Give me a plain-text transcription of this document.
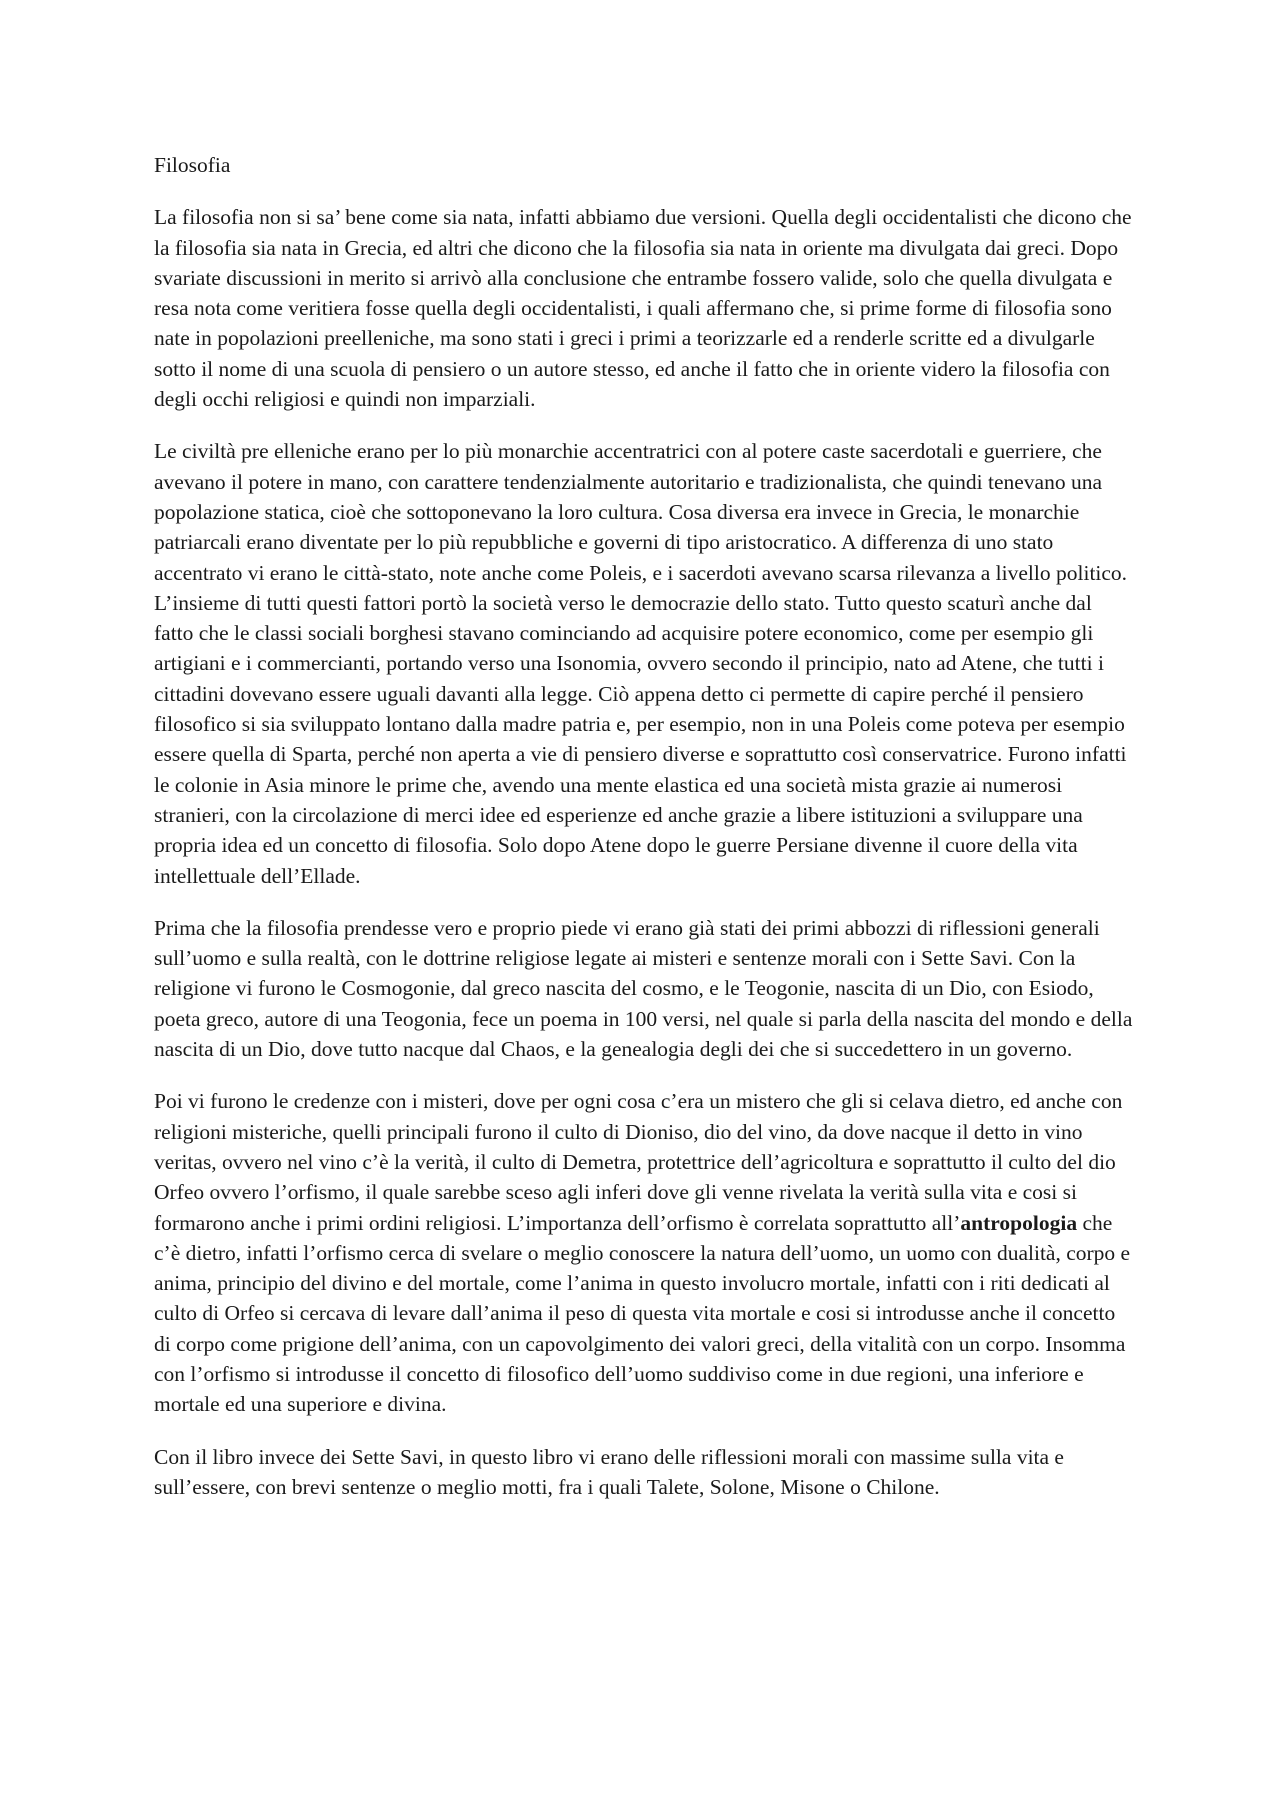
Filosofia

La filosofia non si sa’ bene come sia nata, infatti abbiamo due versioni. Quella degli occidentalisti che dicono che la filosofia sia nata in Grecia, ed altri che dicono che la filosofia sia nata in oriente ma divulgata dai greci. Dopo svariate discussioni in merito si arrivò alla conclusione che entrambe fossero valide, solo che quella divulgata e resa nota come veritiera fosse quella degli occidentalisti, i quali affermano che, si prime forme di filosofia sono nate in popolazioni preelleniche, ma sono stati i greci i primi a teorizzarle ed a renderle scritte ed a divulgarle sotto il nome di una scuola di pensiero o un autore stesso, ed anche il fatto che in oriente videro la filosofia con degli occhi religiosi e quindi non imparziali.

Le civiltà pre elleniche erano per lo più monarchie accentratrici con al potere caste sacerdotali e guerriere, che avevano il potere in mano, con carattere tendenzialmente autoritario e tradizionalista, che quindi tenevano una popolazione statica, cioè che sottoponevano la loro cultura. Cosa diversa era invece in Grecia, le monarchie patriarcali erano diventate per lo più repubbliche e governi di tipo aristocratico. A differenza di uno stato accentrato vi erano le città-stato, note anche come Poleis, e i sacerdoti avevano scarsa rilevanza a livello politico. L’insieme di tutti questi fattori portò la società verso le democrazie dello stato. Tutto questo scaturì anche dal fatto che le classi sociali borghesi stavano cominciando ad acquisire potere economico, come per esempio gli artigiani e i commercianti, portando verso una Isonomia, ovvero secondo il principio, nato ad Atene, che tutti i cittadini dovevano essere uguali davanti alla legge. Ciò appena detto ci permette di capire perché il pensiero filosofico si sia sviluppato lontano dalla madre patria e, per esempio, non in una Poleis come poteva per esempio essere quella di Sparta, perché non aperta a vie di pensiero diverse e soprattutto così conservatrice. Furono infatti le colonie in Asia minore le prime che, avendo una mente elastica ed una società mista grazie ai numerosi stranieri, con la circolazione di merci idee ed esperienze ed anche grazie a libere istituzioni a sviluppare una propria idea ed un concetto di filosofia. Solo dopo Atene dopo le guerre Persiane divenne il cuore della vita intellettuale dell’Ellade.

Prima che la filosofia prendesse vero e proprio piede vi erano già stati dei primi abbozzi di riflessioni generali sull’uomo e sulla realtà, con le dottrine religiose legate ai misteri e sentenze morali con i Sette Savi. Con la religione vi furono le Cosmogonie, dal greco nascita del cosmo, e le Teogonie, nascita di un Dio, con Esiodo, poeta greco, autore di una Teogonia, fece un poema in 100 versi, nel quale si parla della nascita del mondo e della nascita di un Dio, dove tutto nacque dal Chaos, e la genealogia degli dei che si succedettero in un governo.

Poi vi furono le credenze con i misteri, dove per ogni cosa c’era un mistero che gli si celava dietro, ed anche con religioni misteriche, quelli principali furono il culto di Dioniso, dio del vino, da dove nacque il detto in vino veritas, ovvero nel vino c’è la verità, il culto di Demetra, protettrice dell’agricoltura e soprattutto il culto del dio Orfeo ovvero l’orfismo, il quale sarebbe sceso agli inferi dove gli venne rivelata la verità sulla vita e cosi si formarono anche i primi ordini religiosi. L’importanza dell’orfismo è correlata soprattutto all’antropologia che c’è dietro, infatti l’orfismo cerca di svelare o meglio conoscere la natura dell’uomo, un uomo con dualità, corpo e anima, principio del divino e del mortale, come l’anima in questo involucro mortale, infatti con i riti dedicati al culto di Orfeo si cercava di levare dall’anima il peso di questa vita mortale e cosi si introdusse anche il concetto di corpo come prigione dell’anima, con un capovolgimento dei valori greci, della vitalità con un corpo. Insomma con l’orfismo si introdusse il concetto di filosofico dell’uomo suddiviso come in due regioni, una inferiore e mortale ed una superiore e divina.

Con il libro invece dei Sette Savi, in questo libro vi erano delle riflessioni morali con massime sulla vita e sull’essere, con brevi sentenze o meglio motti, fra i quali Talete, Solone, Misone o Chilone.
